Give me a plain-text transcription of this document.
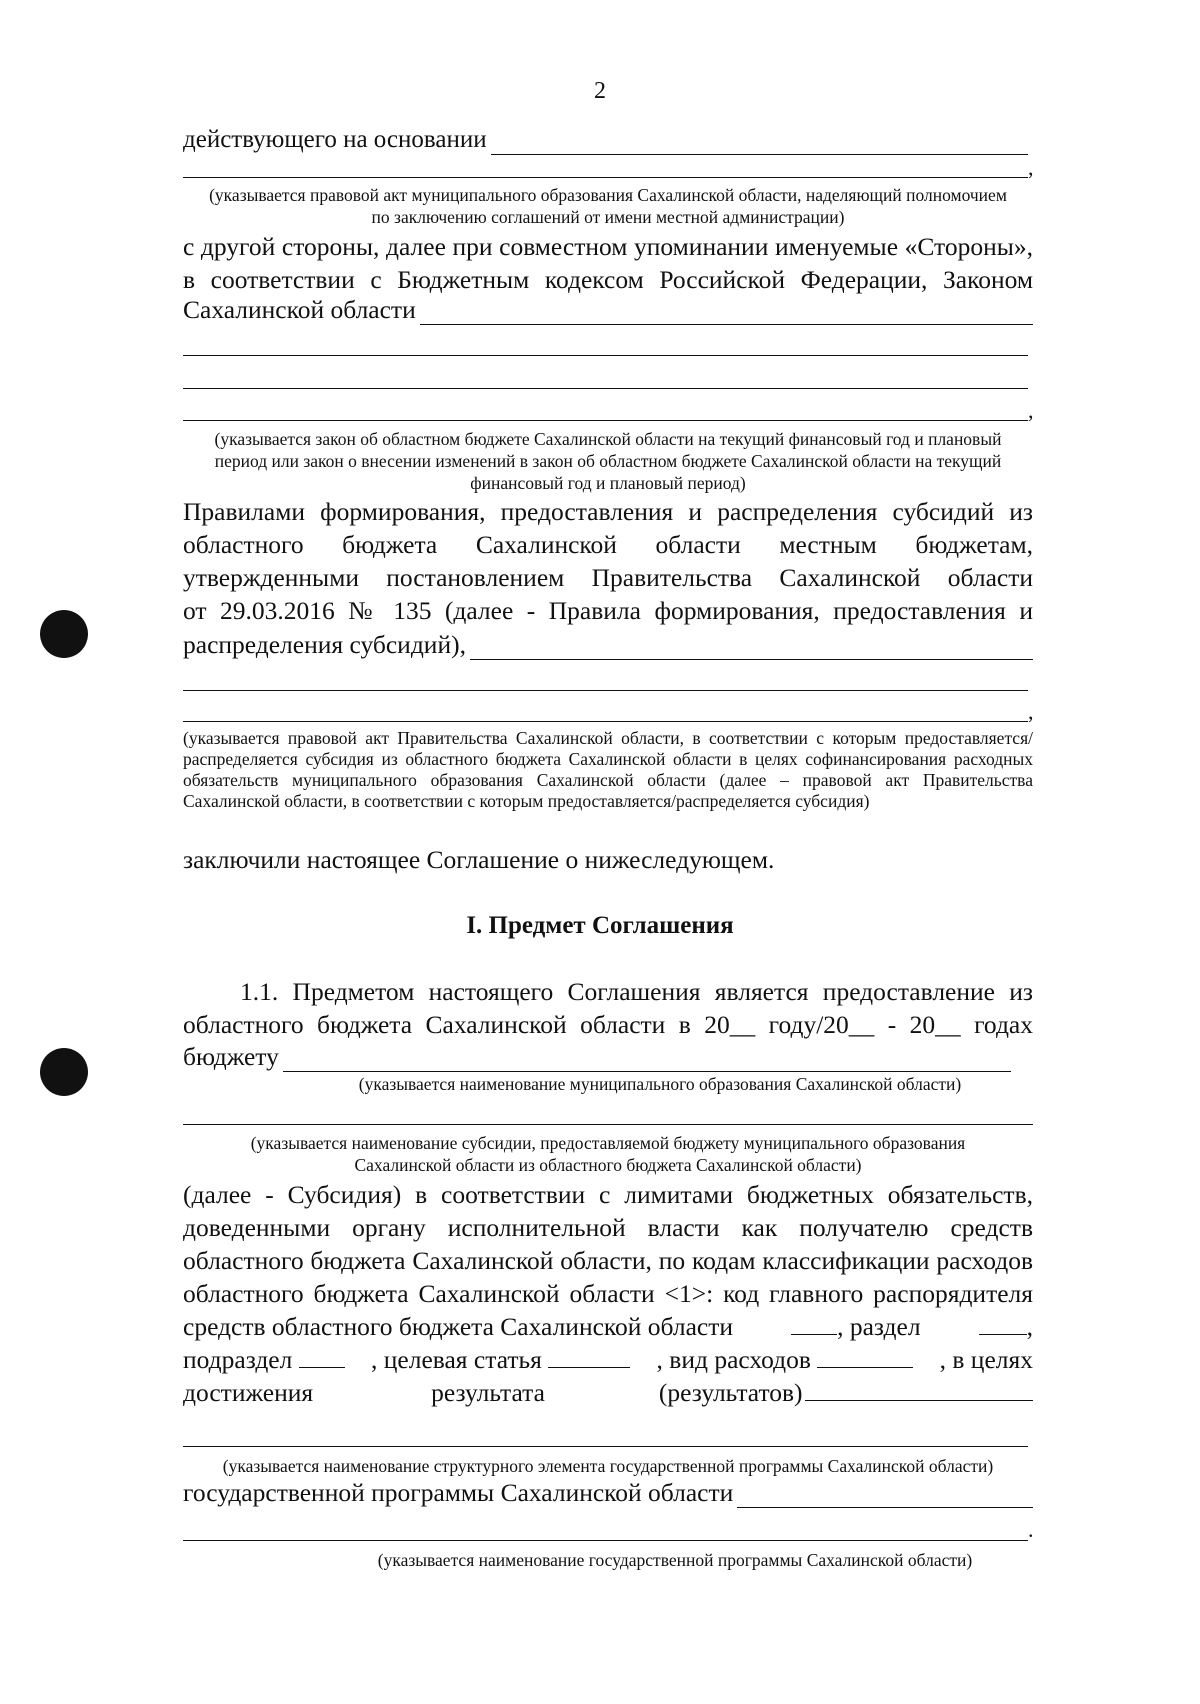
2
действующего на основании
,
(указывается правовой акт муниципального образования Сахалинской области, наделяющий полномочием
по заключению соглашений от имени местной администрации)
с другой стороны, далее при совместном упоминании именуемые «Стороны»,
в соответствии с Бюджетным кодексом Российской Федерации, Законом
Сахалинской области
,
(указывается закон об областном бюджете Сахалинской области на текущий финансовый год и плановый
период или закон о внесении изменений в закон об областном бюджете Сахалинской области на текущий
финансовый год и плановый период)
Правилами формирования, предоставления и распределения субсидий из
областного бюджета Сахалинской области местным бюджетам,
утвержденными постановлением Правительства Сахалинской области
от 29.03.2016 № 135 (далее - Правила формирования, предоставления и
распределения субсидий),
,
(указывается правовой акт Правительства Сахалинской области, в соответствии с которым предоставляется/распределяется субсидия из областного бюджета Сахалинской области в целях софинансирования расходных обязательств муниципального образования Сахалинской области (далее – правовой акт Правительства Сахалинской области, в соответствии с которым предоставляется/распределяется субсидия)
заключили настоящее Соглашение о нижеследующем.
I. Предмет Соглашения
1.1. Предметом настоящего Соглашения является предоставление из
областного бюджета Сахалинской области в 20__ году/20__ - 20__ годах
бюджету
(указывается наименование муниципального образования Сахалинской области)
(указывается наименование субсидии, предоставляемой бюджету муниципального образования
Сахалинской области из областного бюджета Сахалинской области)
(далее - Субсидия) в соответствии с лимитами бюджетных обязательств,
доведенными органу исполнительной власти как получателю средств
областного бюджета Сахалинской области, по кодам классификации расходов
областного бюджета Сахалинской области <1>: код главного распорядителя
средств областного бюджета Сахалинской области	, раздел	,
подраздел	, целевая статья	, вид расходов	, в целях
достижения	результата	(результатов)
(указывается наименование структурного элемента государственной программы Сахалинской области)
государственной программы Сахалинской области
.
(указывается наименование государственной программы Сахалинской области)
